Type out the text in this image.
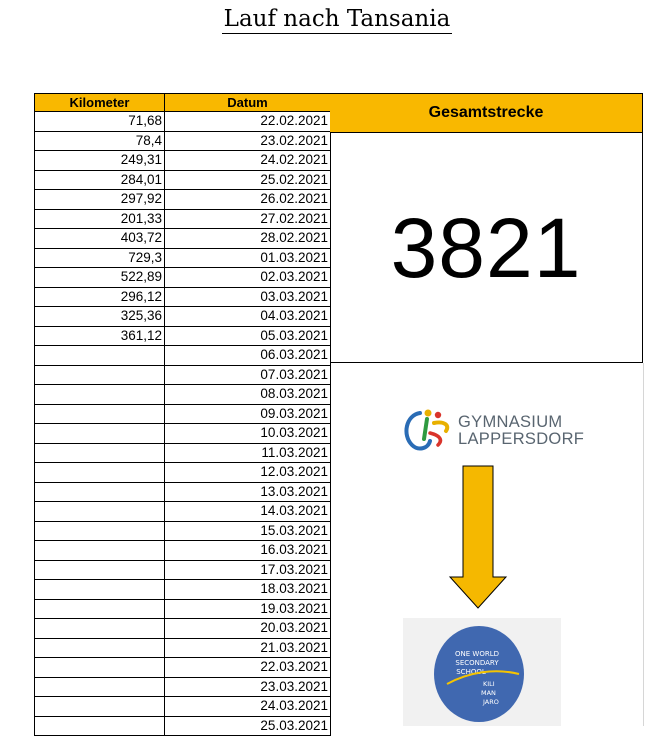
Lauf nach Tansania
Kilometer	Datum
71,68	22.02.2021
78,4	23.02.2021
249,31	24.02.2021
284,01	25.02.2021
297,92	26.02.2021
201,33	27.02.2021
403,72	28.02.2021
729,3	01.03.2021
522,89	02.03.2021
296,12	03.03.2021
325,36	04.03.2021
361,12	05.03.2021
	06.03.2021
	07.03.2021
	08.03.2021
	09.03.2021
	10.03.2021
	11.03.2021
	12.03.2021
	13.03.2021
	14.03.2021
	15.03.2021
	16.03.2021
	17.03.2021
	18.03.2021
	19.03.2021
	20.03.2021
	21.03.2021
	22.03.2021
	23.03.2021
	24.03.2021
	25.03.2021
Gesamtstrecke
3821
GYMNASIUM
LAPPERSDORF
ONE WORLD
SECONDARY
SCHOOL
KILI
MAN
JARO
